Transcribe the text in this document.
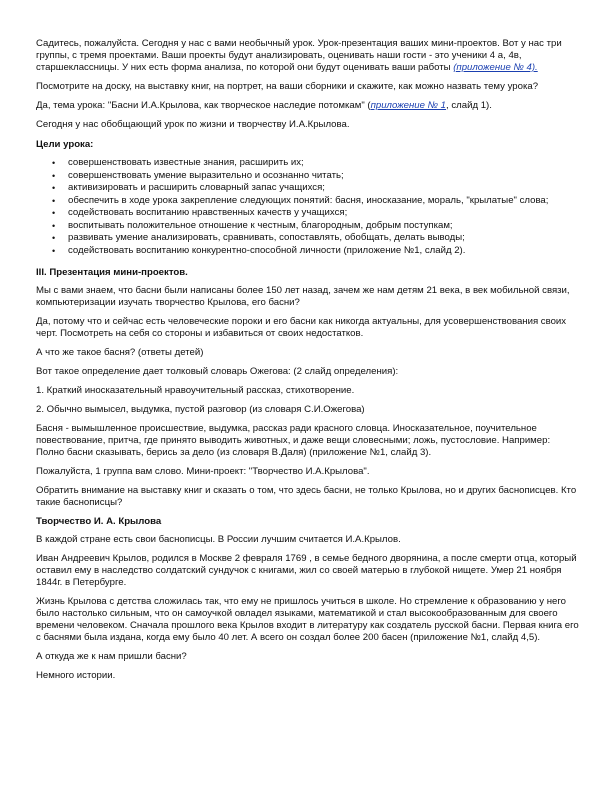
Садитесь, пожалуйста. Сегодня у нас с вами необычный урок. Урок-презентация ваших мини-проектов. Вот у нас три группы, с тремя проектами. Ваши проекты будут анализировать, оценивать наши гости - это ученики 4 а, 4в, старшеклассницы. У них есть форма анализа, по которой они будут оценивать ваши работы (приложение № 4).

Посмотрите на доску, на выставку книг, на портрет, на ваши сборники и скажите, как можно назвать тему урока?

Да, тема урока: "Басни И.А.Крылова, как творческое наследие потомкам" (приложение № 1, слайд 1).

Сегодня у нас обобщающий урок по жизни и творчеству И.А.Крылова.

Цели урока:
• совершенствовать известные знания, расширить их;
• совершенствовать умение выразительно и осознанно читать;
• активизировать и расширить словарный запас учащихся;
• обеспечить в ходе урока закрепление следующих понятий: басня, иносказание, мораль, "крылатые" слова;
• содействовать воспитанию нравственных качеств у учащихся;
• воспитывать положительное отношение к честным, благородным, добрым поступкам;
• развивать умение анализировать, сравнивать, сопоставлять, обобщать, делать выводы;
• содействовать воспитанию конкурентно-способной личности (приложение №1, слайд 2).
III. Презентация мини-проектов.

Мы с вами знаем, что басни были написаны более 150 лет назад, зачем же нам детям 21 века, в век мобильной связи, компьютеризации изучать творчество Крылова, его басни?

Да, потому что и сейчас есть человеческие пороки и его басни как никогда актуальны, для усовершенствования своих черт. Посмотреть на себя со стороны и избавиться от своих недостатков.

А что же такое басня? (ответы детей)

Вот такое определение дает толковый словарь Ожегова: (2 слайд определения):

1. Краткий иносказательный нравоучительный рассказ, стихотворение.

2. Обычно вымысел, выдумка, пустой разговор (из словаря С.И.Ожегова)

Басня - вымышленное происшествие, выдумка, рассказ ради красного словца. Иносказательное, поучительное повествование, притча, где принято выводить животных, и даже вещи словесными; ложь, пустословие. Например: Полно басни сказывать, берись за дело (из словаря В.Даля) (приложение №1, слайд 3).

Пожалуйста, 1 группа вам слово. Мини-проект: "Творчество И.А.Крылова".

Обратить внимание на выставку книг и сказать о том, что здесь басни, не только Крылова, но и других баснописцев. Кто такие баснописцы?

Творчество И. А. Крылова

В каждой стране есть свои баснописцы. В России лучшим считается И.А.Крылов.

Иван Андреевич Крылов, родился в Москве 2 февраля 1769 , в семье бедного дворянина, а после смерти отца, который оставил ему в наследство солдатский сундучок с книгами, жил со своей матерью в глубокой нищете. Умер 21 ноября 1844г. в Петербурге.

Жизнь Крылова с детства сложилась так, что ему не пришлось учиться в школе. Но стремление к образованию у него было настолько сильным, что он самоучкой овладел языками, математикой и стал высокообразованным для своего времени человеком. Сначала прошлого века Крылов входит в литературу как создатель русской басни. Первая книга его с баснями была издана, когда ему было 40 лет. А всего он создал более 200 басен (приложение №1, слайд 4,5).

А откуда же к нам пришли басни?

Немного истории.
